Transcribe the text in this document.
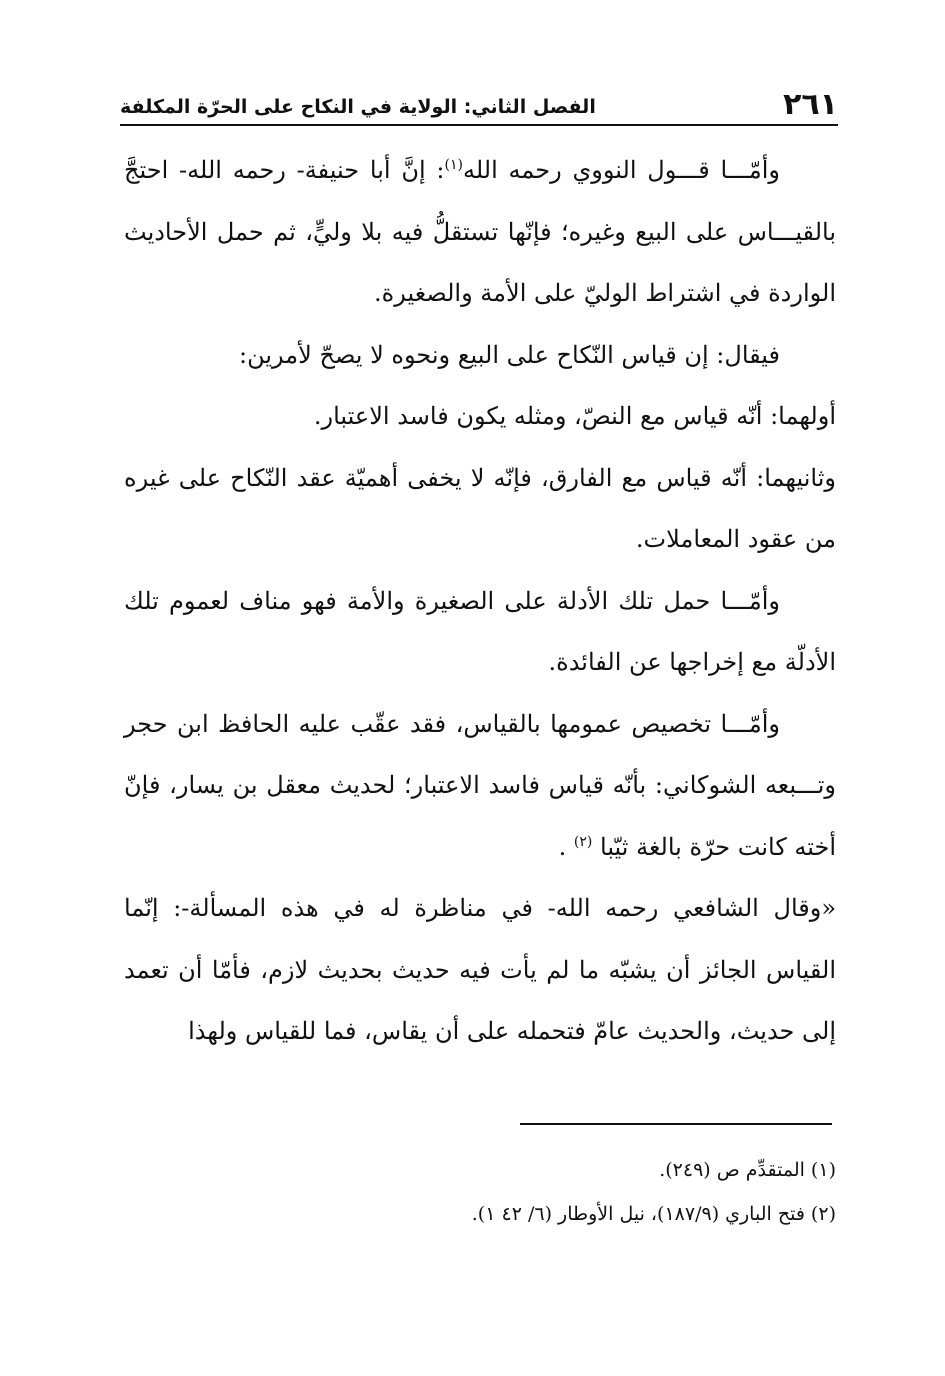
٢٦١
الفصل الثاني: الولاية في النكاح على الحرّة المكلفة

وأمّـــا قـــول النووي رحمه الله$^{(١)}$: إنَّ أبا حنيفة- رحمه الله- احتجَّ بالقيـــاس على البيع وغيره؛ فإنّها تستقلُّ فيه بلا وليٍّ، ثم حمل الأحاديث الواردة في اشتراط الوليّ على الأمة والصغيرة.

فيقال: إن قياس النّكاح على البيع ونحوه لا يصحّ لأمرين:

أولهما: أنّه قياس مع النصّ، ومثله يكون فاسد الاعتبار.

وثانيهما: أنّه قياس مع الفارق، فإنّه لا يخفى أهميّة عقد النّكاح على غيره من عقود المعاملات.

وأمّـــا حمل تلك الأدلة على الصغيرة والأمة فهو مناف لعموم تلك الأدلّة مع إخراجها عن الفائدة.

وأمّـــا تخصيص عمومها بالقياس، فقد عقّب عليه الحافظ ابن حجر وتـــبعه الشوكاني: بأنّه قياس فاسد الاعتبار؛ لحديث معقل بن يسار، فإنّ أخته كانت حرّة بالغة ثيّبا $^{(٢)}$ .

«وقال الشافعي رحمه الله- في مناظرة له في هذه المسألة-: إنّما القياس الجائز أن يشبّه ما لم يأت فيه حديث بحديث لازم، فأمّا أن تعمد إلى حديث، والحديث عامّ فتحمله على أن يقاس، فما للقياس ولهذا

(١) المتقدِّم ص (٢٤٩).

(٢) فتح الباري (١٨٧/٩)، نيل الأوطار (٦/ ٤٢ ١).
